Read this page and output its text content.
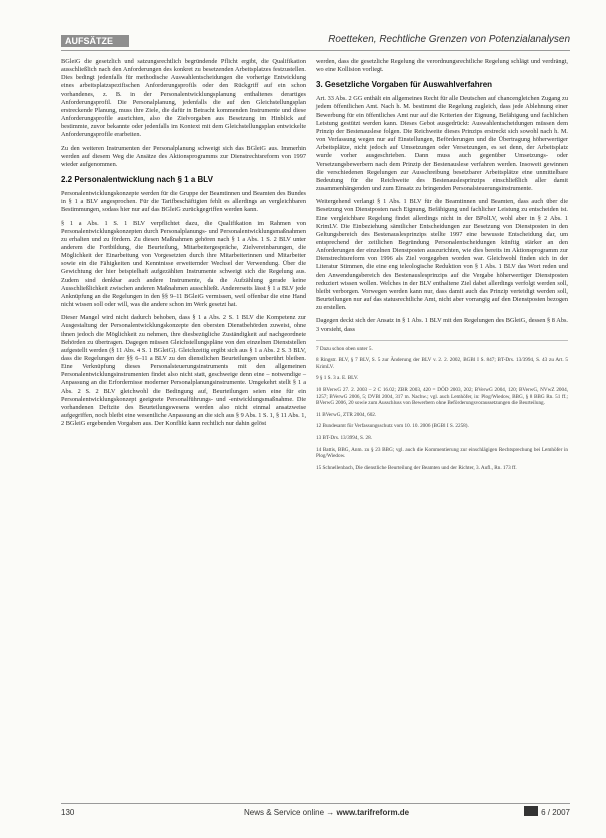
AUFSÄTZE	Roetteken, Rechtliche Grenzen von Potenzialanalysen

BGleiG die gesetzlich und satzungsrechtlich begründende Pflicht ergibt, die Qualifikation ausschließlich nach den Anforderungen des konkret zu besetzenden Arbeitsplatzes festzustellen. Dies bedingt jedenfalls für methodische Auswahlentscheidungen die vorherige Entwicklung eines arbeitsplatzspezifischen Anforderungsprofils oder den Rückgriff auf ein schon vorhandenes, z. B. in der Personalentwicklungsplanung enthaltenes derartiges Anforderungsprofil. Die Personalplanung, jedenfalls die auf den Gleichstellungsplan erstreckende Planung, muss ihre Ziele, die dafür in Betracht kommenden Instrumente und diese Anforderungsprofile ausrichten, also die Zielvorgaben aus Besetzung im Hinblick auf bestimmte, zuvor bekannte oder jedenfalls im Kontext mit dem Gleichstellungsplan entwickelte Anforderungsprofile erarbeiten.

Zu den weiteren Instrumenten der Personalplanung schweigt sich das BGleiG aus. Immerhin werden auf diesem Weg die Ansätze des Aktionsprogramms zur Dienstrechtsreform von 1997 wieder aufgenommen.

2.2 Personalentwicklung nach § 1 a BLV

Personalentwicklungskonzepte werden für die Gruppe der Beamtinnen und Beamten des Bundes in § 1 a BLV angesprochen. Für die Tarifbeschäftigten fehlt es allerdings an vergleichbaren Bestimmungen, sodass hier nur auf das BGleiG zurückgegriffen werden kann.

§ 1 a Abs. 1 S. 1 BLV verpflichtet dazu, die Qualifikation im Rahmen von Personalentwicklungskonzepten durch Personalplanungs- und Personalentwicklungsmaßnahmen zu erhalten und zu fördern. Zu diesen Maßnahmen gehören nach § 1 a Abs. 1 S. 2 BLV unter anderem die Fortbildung, die Beurteilung, Mitarbeitergespräche, Zielvereinbarungen, die Möglichkeit der Einarbeitung von Vorgesetzten durch ihre Mitarbeiterinnen und Mitarbeiter sowie ein die Fähigkeiten und Kenntnisse erweiternder Wechsel der Verwendung. Über die Gewichtung der hier beispielhaft aufgezählten Instrumente schweigt sich die Regelung aus. Zudem sind denkbar auch andere Instrumente, da die Aufzählung gerade keine Ausschließlichkeit zwischen anderen Maßnahmen ausschließt. Andererseits lässt § 1 a BLV jede Anknüpfung an die Regelungen in den §§ 9–11 BGleiG vermissen, weil offenbar die eine Hand nicht wissen soll oder will, was die andere schon im Werk gesetzt hat.

Dieser Mangel wird nicht dadurch behoben, dass § 1 a Abs. 2 S. 1 BLV die Kompetenz zur Ausgestaltung der Personalentwicklungskonzepte den obersten Dienstbehörden zuweist, ohne ihnen jedoch die Möglichkeit zu nehmen, ihre diesbezügliche Zuständigkeit auf nachgeordnete Behörden zu übertragen. Dagegen müssen Gleichstellungspläne von den einzelnen Dienststellen aufgestellt werden (§ 11 Abs. 4 S. 1 BGleiG). Gleichzeitig ergibt sich aus § 1 a Abs. 2 S. 3 BLV, dass die Regelungen der §§ 6–11 a BLV zu den dienstlichen Beurteilungen unberührt bleiben. Eine Verknüpfung dieses Personalsteuerungsinstruments mit den allgemeinen Personalentwicklungsinstrumenten findet also nicht statt, geschweige denn eine – notwendige – Anpassung an die Erfordernisse moderner Personalplanungsinstrumente. Umgekehrt stellt § 1 a Abs. 2 S. 2 BLV gleichwohl die Bedingung auf, Beurteilungen seien eine für ein Personalentwicklungskonzept geeignete Personalführungs- und -entwicklungsmaßnahme. Die vorhandenen Defizite des Beurteilungswesens werden also nicht einmal ansatzweise aufgegriffen, noch bleibt eine wesentliche Anpassung an die sich aus § 9 Abs. 1 S. 1, § 11 Abs. 1, 2 BGleiG ergebenden Vorgaben aus. Der Konflikt kann rechtlich nur dahin gelöst

werden, dass die gesetzliche Regelung die verordnungsrechtliche Regelung schlägt und verdrängt, wo eine Kollision vorliegt.

3. Gesetzliche Vorgaben für Auswahlverfahren

Art. 33 Abs. 2 GG enthält ein allgemeines Recht für alle Deutschen auf chancengleichen Zugang zu jedem öffentlichen Amt. Nach h. M. bestimmt die Regelung zugleich, dass jede Ablehnung einer Bewerbung für ein öffentliches Amt nur auf die Kriterien der Eignung, Befähigung und fachlichen Leistung gestützt werden kann. Dieses Gebot ausgedrückt: Auswahlentscheidungen müssen dem Prinzip der Bestenauslese folgen. Die Reichweite dieses Prinzips erstreckt sich sowohl nach h. M. von Verfassung wegen nur auf Einstellungen, Beförderungen und die Übertragung höherwertiger Arbeitsplätze, nicht jedoch auf Umsetzungen oder Versetzungen, es sei denn, der Arbeitsplatz wurde vorher ausgeschrieben. Dann muss auch gegenüber Umsetzungs- oder Versetzungsbewerbern nach dem Prinzip der Bestenauslese verfahren werden. Insoweit gewinnen die verschiedenen Regelungen zur Ausschreibung besetzbarer Arbeitsplätze eine unmittelbare Bedeutung für die Reichweite des Bestenauslesprinzips einschließlich aller damit zusammenhängenden und zum Einsatz zu bringenden Personalsteuerungsinstrumente.

Weitergehend verlangt § 1 Abs. 1 BLV für die Beamtinnen und Beamten, dass auch über die Besetzung von Dienstposten nach Eignung, Befähigung und fachlicher Leistung zu entscheiden ist. Eine vergleichbare Regelung findet allerdings nicht in der BPolLV, wohl aber in § 2 Abs. 1 KrimLV. Die Einbeziehung sämtlicher Entscheidungen zur Besetzung von Dienstposten in den Geltungsbereich des Bestenauslesprinzips stellte 1997 eine bewusste Entscheidung dar, um entsprechend der zeitlichen Begründung Personalentscheidungen künftig stärker an den Anforderungen der einzelnen Dienstposten auszurichten, wie dies bereits im Aktionsprogramm zur Dienstrechtsreform von 1996 als Ziel vorgegeben worden war. Gleichwohl finden sich in der Literatur Stimmen, die eine eng teleologische Reduktion von § 1 Abs. 1 BLV das Wort reden und den Anwendungsbereich des Bestenauslesprinzips auf die Vergabe höherwertiger Dienstposten reduziert wissen wollen. Welches in der BLV enthaltene Ziel dabei allerdings verfolgt werden soll, bleibt verborgen. Vorwegen werden kann nur, dass damit auch das Prinzip verteidigt werden soll, Beurteilungen nur auf das statusrechtliche Amt, nicht aber vorrangig auf den Dienstposten bezogen zu erstellen.

Dagegen deckt sich der Ansatz in § 1 Abs. 1 BLV mit den Regelungen des BGleiG, dessen § 8 Abs. 3 vorsieht, dass

7 Dazu schon oben unter 5.

8 Ringstr. BLV, § 7 BLV, S. 5 zur Änderung der BLV v. 2. 2. 2002, BGBl I S. 847; BT-Drs. 13/3994, S. 43 zu Art. 5 KrimLV.

9 § 1 S. 3 a. E. BLV.

10 BVerwG 27. 2. 2003 – 2 C 16.02; ZBR 2003, 420 = DÖD 2003, 202; BVerwG 2004, 120; BVerwG, NVwZ 2004, 1257; BVerwG 2006, 5; DVBl 2004, 317 m. Nachw.; vgl. auch Lemhöfer, in: Plog/Wiedow, BBG, § 8 BBG Rn. 51 ff.; BVerwG 2006, 20 sowie zum Ausschluss von Bewerbern ohne Beförderungsvoraussetzungen die Beurteilung.

11 BVerwG, ZTR 2004, 602.

12 Bundesamt für Verfassungsschutz vom 10. 10. 2006 (BGBl I S. 2258).

13 BT-Drs. 13/3994, S. 28.

14 Battis, BBG, Anm. zu § 23 BBG; vgl. auch die Kommentierung zur einschlägigen Rechtsprechung bei Lemhöfer in Plog/Wiedow.

15 Schnellenbach, Die dienstliche Beurteilung der Beamten und der Richter, 3. Aufl., Rn. 173 ff.

130	News & Service online → www.tarifreform.de	6 / 2007
